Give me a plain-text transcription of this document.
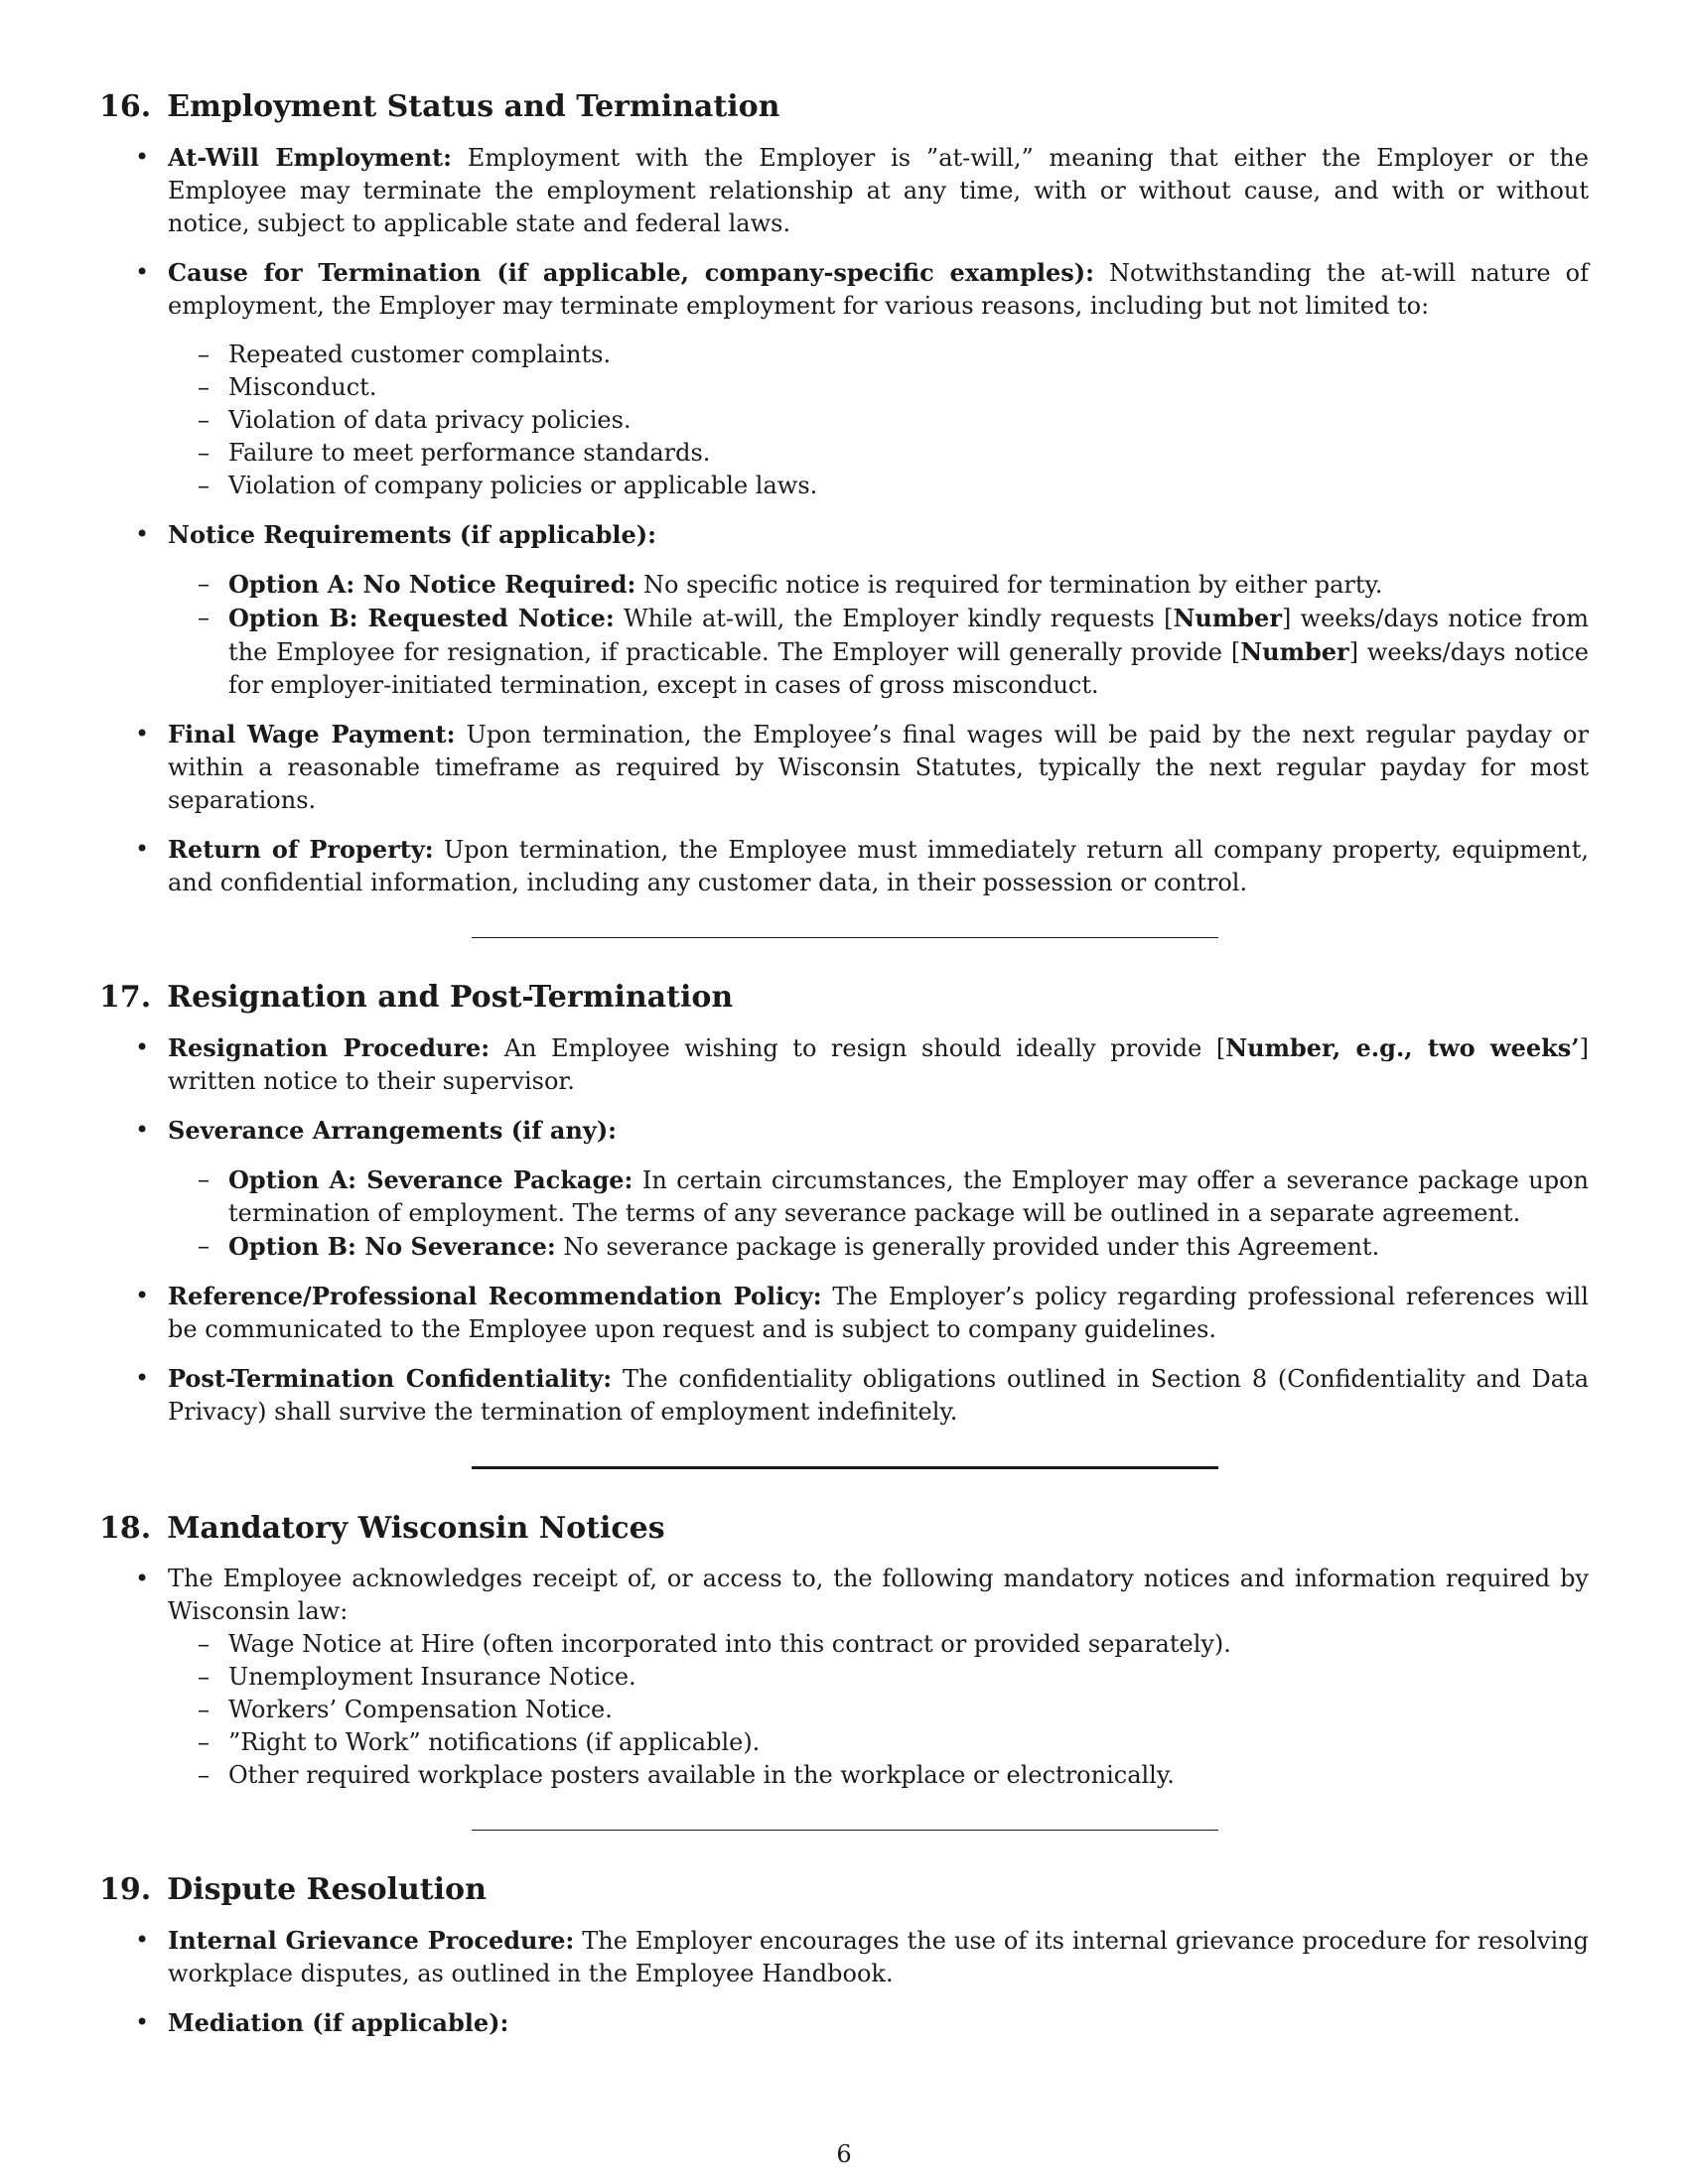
16. Employment Status and Termination
• At-Will Employment: Employment with the Employer is ”at-will,” meaning that either the Employer or the Employee may terminate the employment relationship at any time, with or without cause, and with or without notice, subject to applicable state and federal laws.
• Cause for Termination (if applicable, company-specific examples): Notwithstanding the at-will nature of employment, the Employer may terminate employment for various reasons, including but not limited to:
– Repeated customer complaints.
– Misconduct.
– Violation of data privacy policies.
– Failure to meet performance standards.
– Violation of company policies or applicable laws.
• Notice Requirements (if applicable):
– Option A: No Notice Required: No specific notice is required for termination by either party.
– Option B: Requested Notice: While at-will, the Employer kindly requests [Number] weeks/days notice from the Employee for resignation, if practicable. The Employer will generally provide [Number] weeks/days notice for employer-initiated termination, except in cases of gross misconduct.
• Final Wage Payment: Upon termination, the Employee’s final wages will be paid by the next regular payday or within a reasonable timeframe as required by Wisconsin Statutes, typically the next regular payday for most separations.
• Return of Property: Upon termination, the Employee must immediately return all company property, equipment, and confidential information, including any customer data, in their possession or control.
17. Resignation and Post-Termination
• Resignation Procedure: An Employee wishing to resign should ideally provide [Number, e.g., two weeks’] written notice to their supervisor.
• Severance Arrangements (if any):
– Option A: Severance Package: In certain circumstances, the Employer may offer a severance package upon termination of employment. The terms of any severance package will be outlined in a separate agreement.
– Option B: No Severance: No severance package is generally provided under this Agreement.
• Reference/Professional Recommendation Policy: The Employer’s policy regarding professional references will be communicated to the Employee upon request and is subject to company guidelines.
• Post-Termination Confidentiality: The confidentiality obligations outlined in Section 8 (Confidentiality and Data Privacy) shall survive the termination of employment indefinitely.
18. Mandatory Wisconsin Notices
• The Employee acknowledges receipt of, or access to, the following mandatory notices and information required by Wisconsin law:
– Wage Notice at Hire (often incorporated into this contract or provided separately).
– Unemployment Insurance Notice.
– Workers’ Compensation Notice.
– ”Right to Work” notifications (if applicable).
– Other required workplace posters available in the workplace or electronically.
19. Dispute Resolution
• Internal Grievance Procedure: The Employer encourages the use of its internal grievance procedure for resolving workplace disputes, as outlined in the Employee Handbook.
• Mediation (if applicable):
6
